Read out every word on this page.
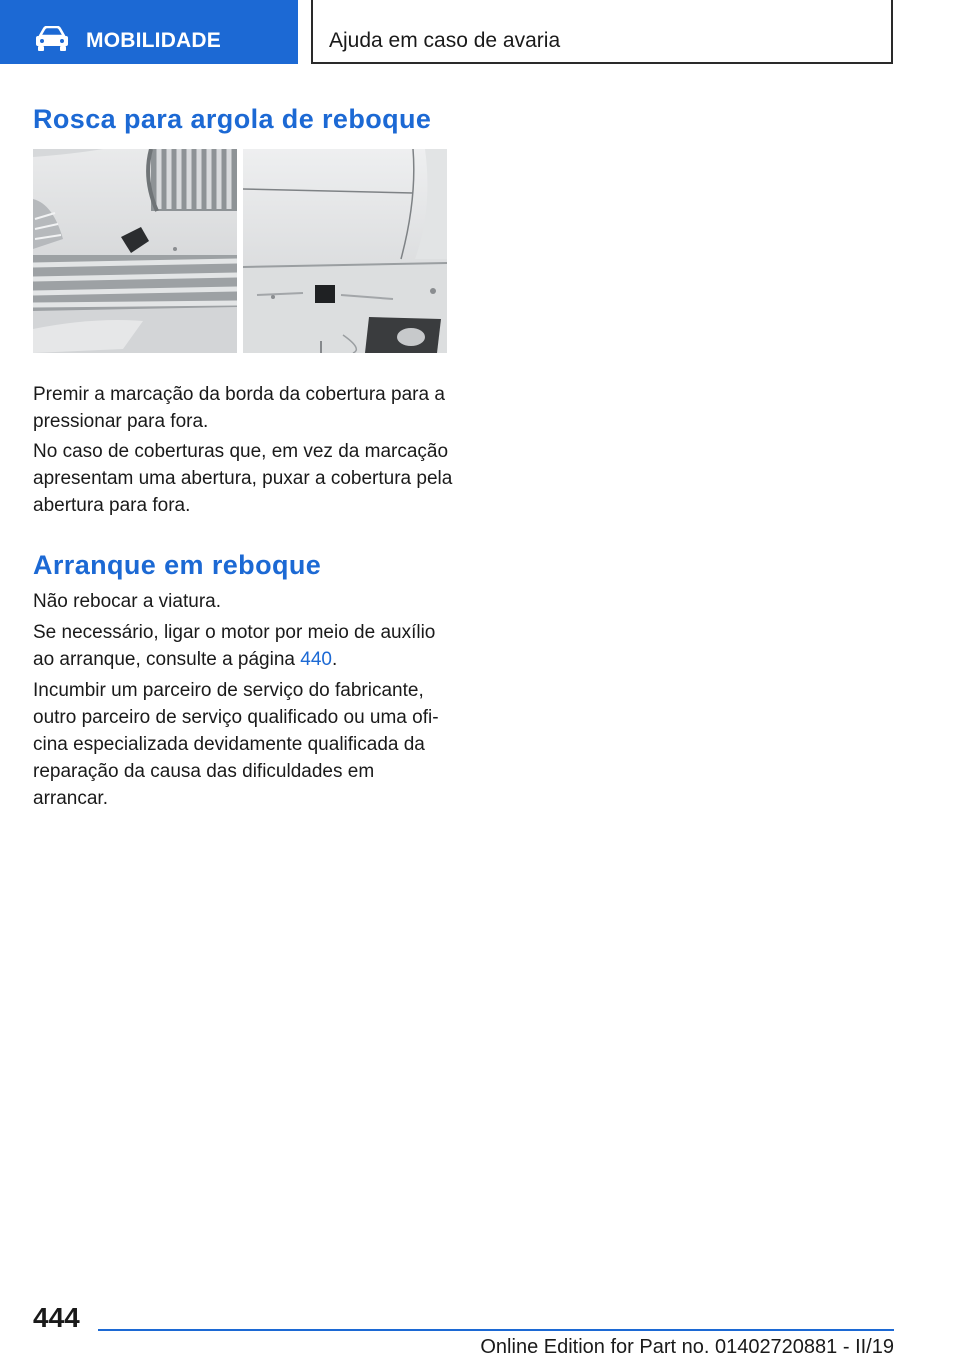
MOBILIDADE	Ajuda em caso de avaria
Rosca para argola de reboque

Premir a marcação da borda da cobertura para a pressionar para fora.

No caso de coberturas que, em vez da marcação apresentam uma abertura, puxar a cobertura pela abertura para fora.

Arranque em reboque

Não rebocar a viatura.

Se necessário, ligar o motor por meio de auxílio ao arranque, consulte a página 440.

Incumbir um parceiro de serviço do fabricante, outro parceiro de serviço qualificado ou uma oficina especializada devidamente qualificada da reparação da causa das dificuldades em arrancar.

444
Online Edition for Part no. 01402720881 - II/19
